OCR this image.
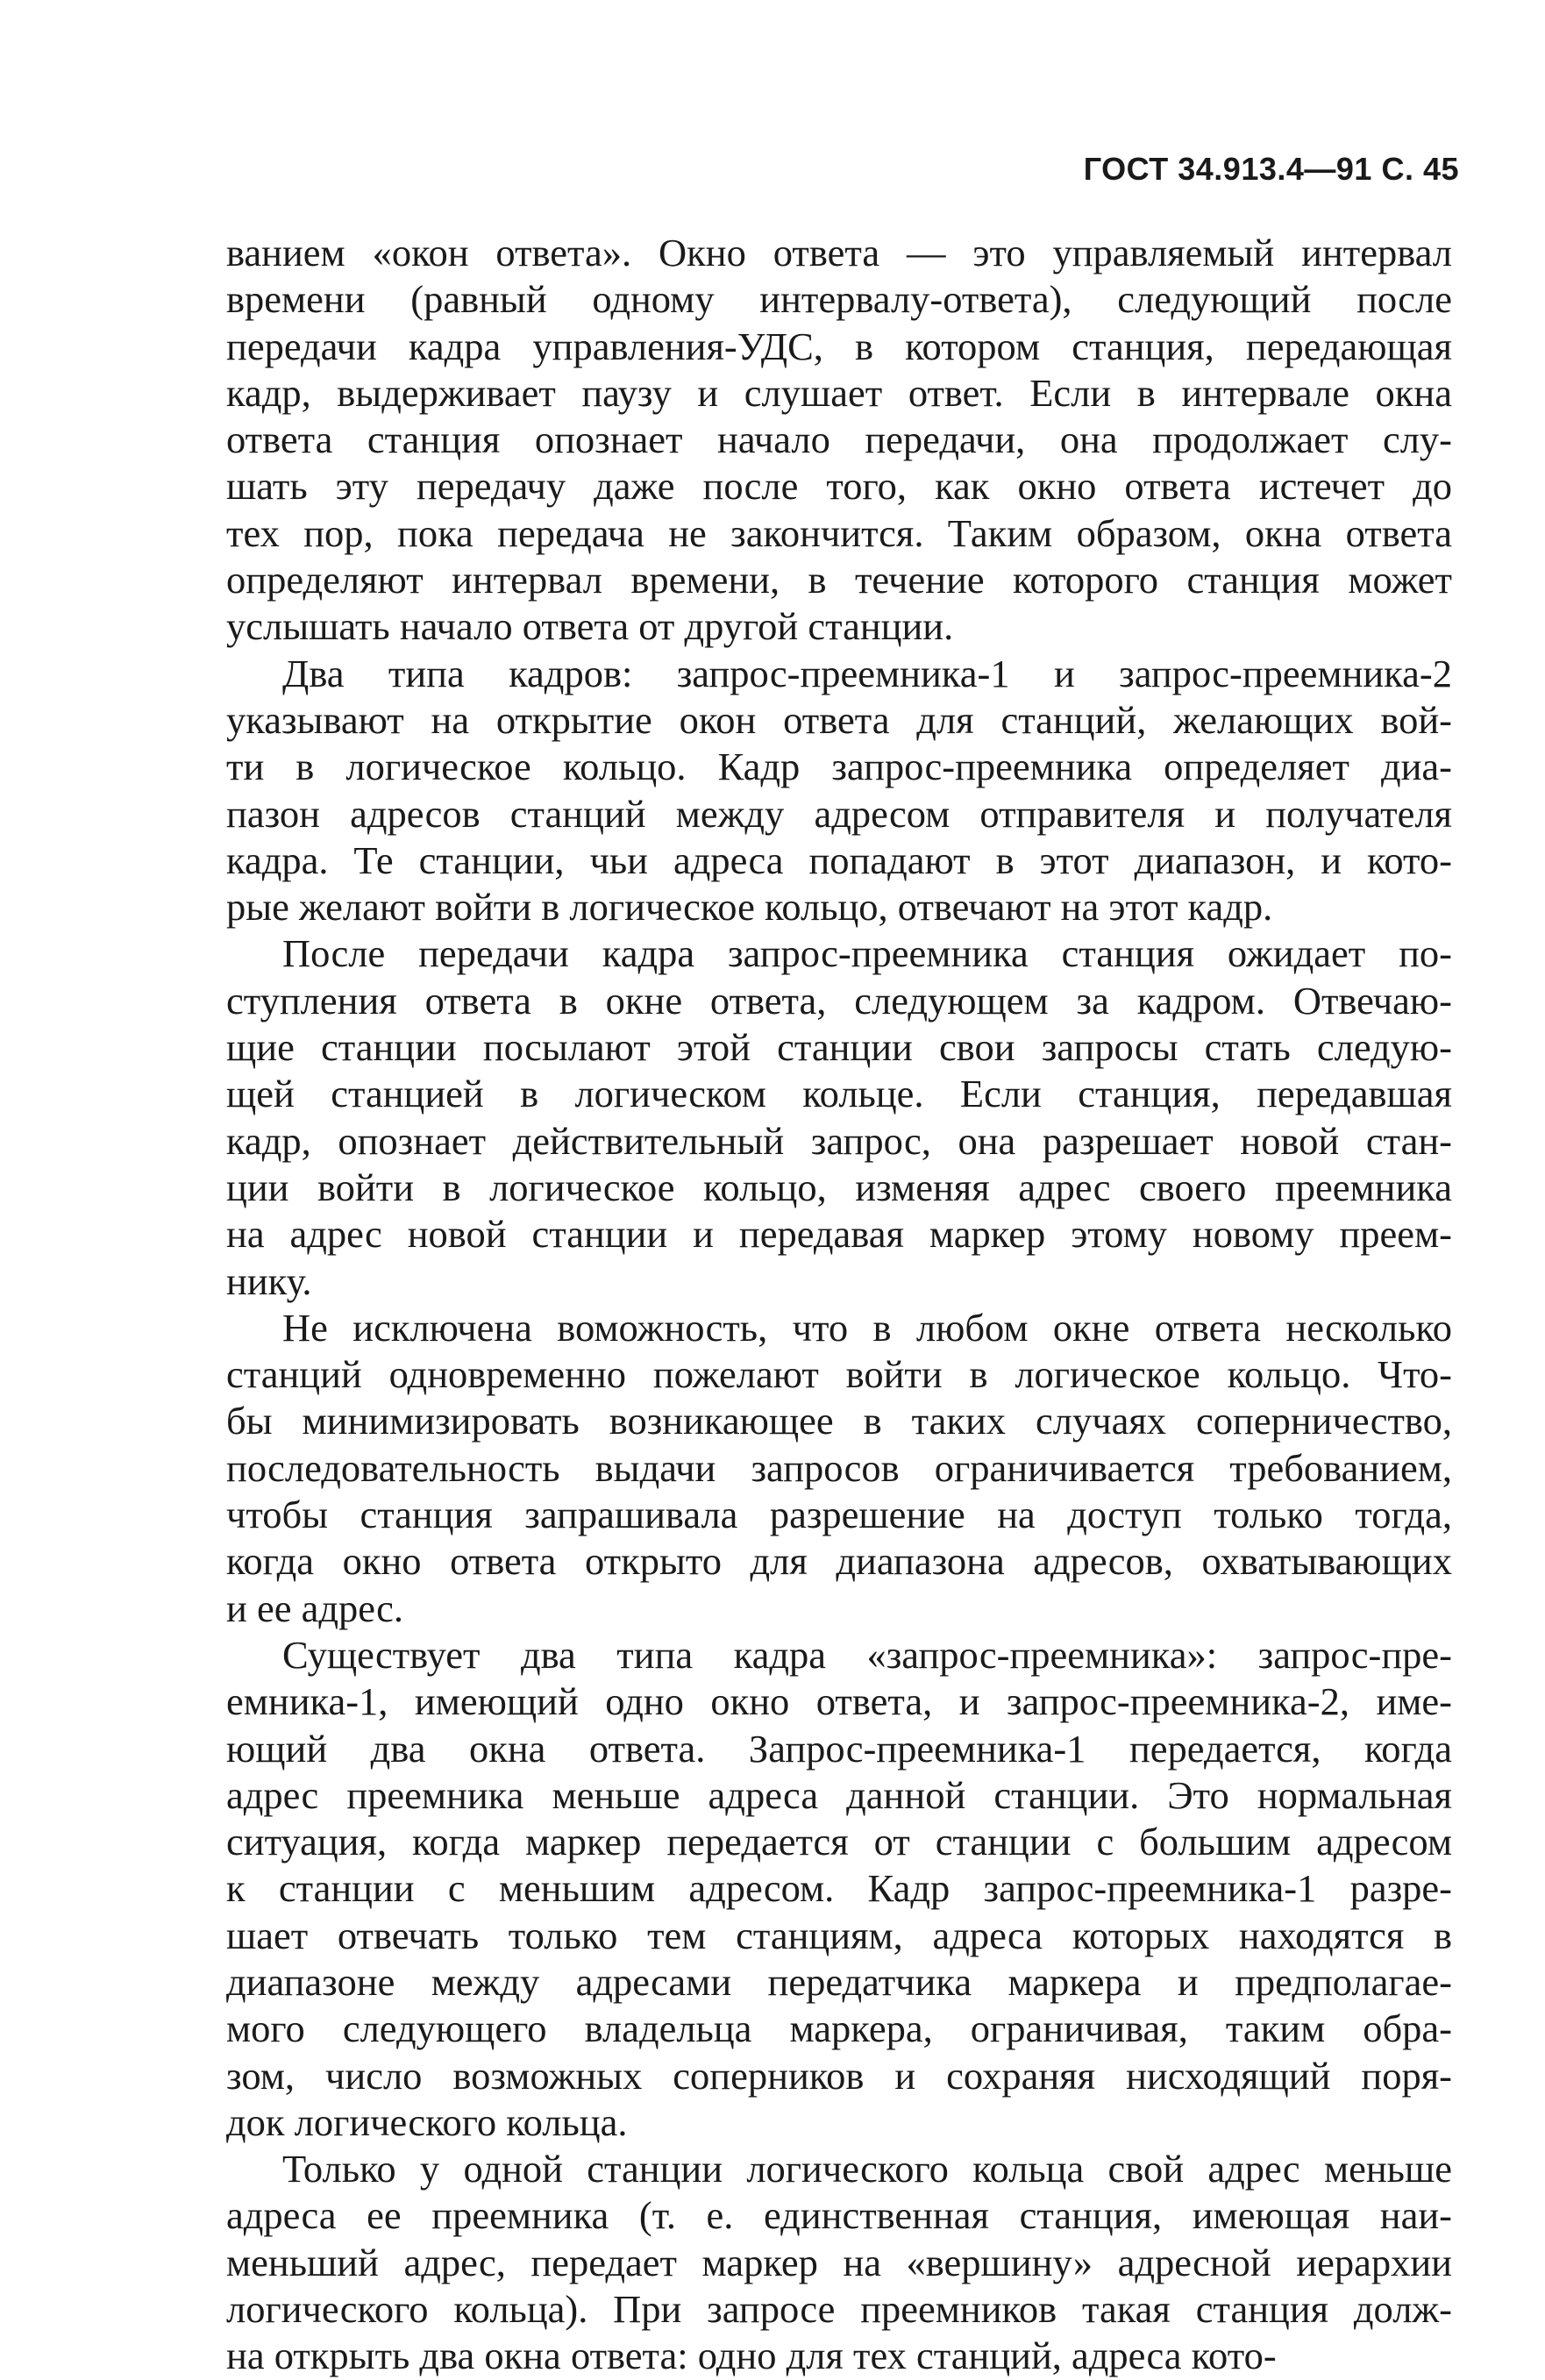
ГОСТ 34.913.4—91 С. 45
ванием «окон ответа». Окно ответа — это управляемый интервал
времени (равный одному интервалу-ответа), следующий после
передачи кадра управления-УДС, в котором станция, передающая
кадр, выдерживает паузу и слушает ответ. Если в интервале окна
ответа станция опознает начало передачи, она продолжает слу-
шать эту передачу даже после того, как окно ответа истечет до
тех пор, пока передача не закончится. Таким образом, окна ответа
определяют интервал времени, в течение которого станция может
услышать начало ответа от другой станции.
Два типа кадров: запрос-преемника-1 и запрос-преемника-2
указывают на открытие окон ответа для станций, желающих вой-
ти в логическое кольцо. Кадр запрос-преемника определяет диа-
пазон адресов станций между адресом отправителя и получателя
кадра. Те станции, чьи адреса попадают в этот диапазон, и кото-
рые желают войти в логическое кольцо, отвечают на этот кадр.
После передачи кадра запрос-преемника станция ожидает по-
ступления ответа в окне ответа, следующем за кадром. Отвечаю-
щие станции посылают этой станции свои запросы стать следую-
щей станцией в логическом кольце. Если станция, передавшая
кадр, опознает действительный запрос, она разрешает новой стан-
ции войти в логическое кольцо, изменяя адрес своего преемника
на адрес новой станции и передавая маркер этому новому преем-
нику.
Не исключена воможность, что в любом окне ответа несколько
станций одновременно пожелают войти в логическое кольцо. Что-
бы минимизировать возникающее в таких случаях соперничество,
последовательность выдачи запросов ограничивается требованием,
чтобы станция запрашивала разрешение на доступ только тогда,
когда окно ответа открыто для диапазона адресов, охватывающих
и ее адрес.
Существует два типа кадра «запрос-преемника»: запрос-пре-
емника-1, имеющий одно окно ответа, и запрос-преемника-2, име-
ющий два окна ответа. Запрос-преемника-1 передается, когда
адрес преемника меньше адреса данной станции. Это нормальная
ситуация, когда маркер передается от станции с большим адресом
к станции с меньшим адресом. Кадр запрос-преемника-1 разре-
шает отвечать только тем станциям, адреса которых находятся в
диапазоне между адресами передатчика маркера и предполагае-
мого следующего владельца маркера, ограничивая, таким обра-
зом, число возможных соперников и сохраняя нисходящий поря-
док логического кольца.
Только у одной станции логического кольца свой адрес меньше
адреса ее преемника (т. е. единственная станция, имеющая наи-
меньший адрес, передает маркер на «вершину» адресной иерархии
логического кольца). При запросе преемников такая станция долж-
на открыть два окна ответа: одно для тех станций, адреса кото-
